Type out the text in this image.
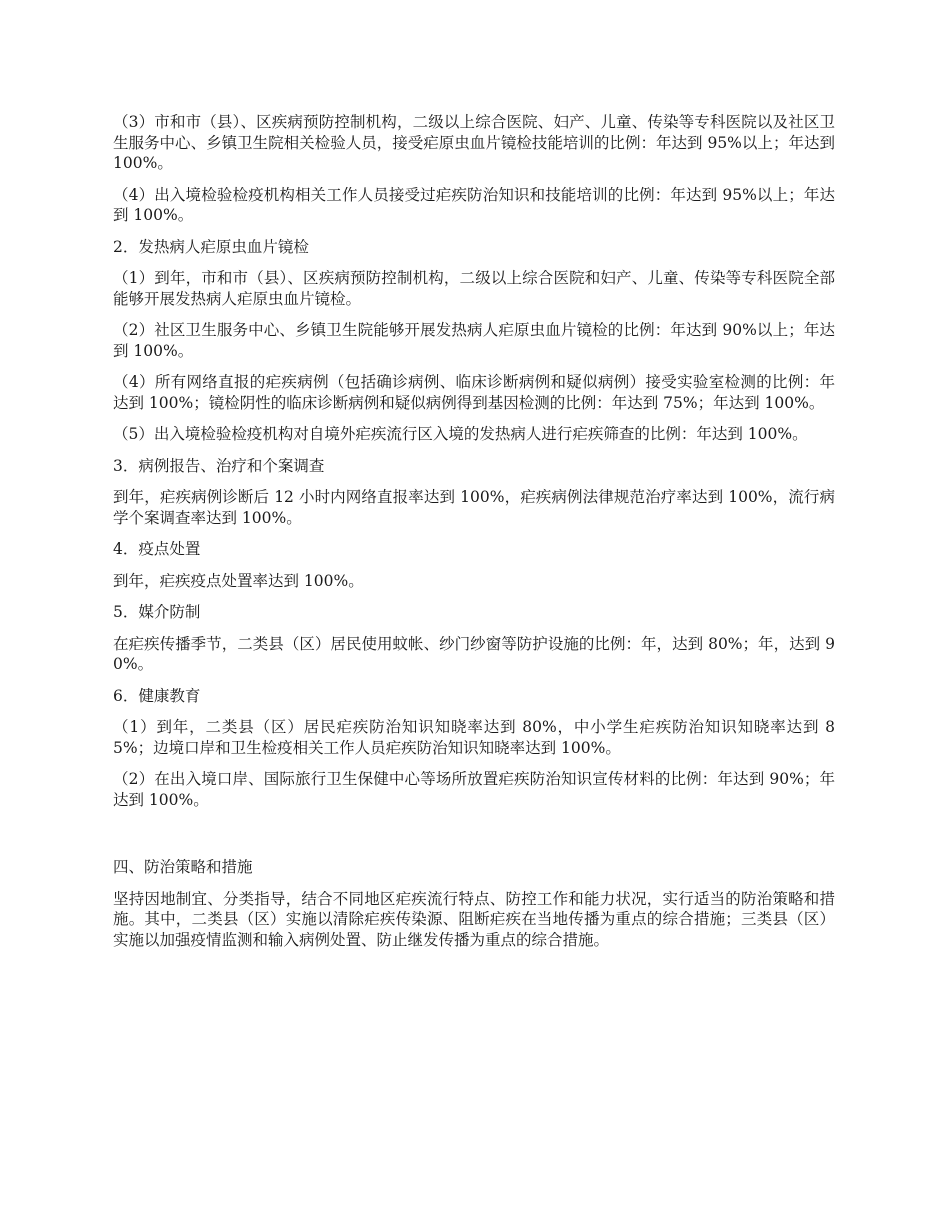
（3）市和市（县）、区疾病预防控制机构，二级以上综合医院、妇产、儿童、传染等专科医院以及社区卫生服务中心、乡镇卫生院相关检验人员，接受疟原虫血片镜检技能培训的比例：年达到 95%以上；年达到 100%。

（4）出入境检验检疫机构相关工作人员接受过疟疾防治知识和技能培训的比例：年达到 95%以上；年达到 100%。

2．发热病人疟原虫血片镜检

（1）到年，市和市（县）、区疾病预防控制机构，二级以上综合医院和妇产、儿童、传染等专科医院全部能够开展发热病人疟原虫血片镜检。

（2）社区卫生服务中心、乡镇卫生院能够开展发热病人疟原虫血片镜检的比例：年达到 90%以上；年达到 100%。

（4）所有网络直报的疟疾病例（包括确诊病例、临床诊断病例和疑似病例）接受实验室检测的比例：年达到 100%；镜检阴性的临床诊断病例和疑似病例得到基因检测的比例：年达到 75%；年达到 100%。

（5）出入境检验检疫机构对自境外疟疾流行区入境的发热病人进行疟疾筛查的比例：年达到 100%。

3．病例报告、治疗和个案调查

到年，疟疾病例诊断后 12 小时内网络直报率达到 100%，疟疾病例法律规范治疗率达到 100%，流行病学个案调查率达到 100%。

4．疫点处置

到年，疟疾疫点处置率达到 100%。

5．媒介防制

在疟疾传播季节，二类县（区）居民使用蚊帐、纱门纱窗等防护设施的比例：年，达到 80%；年，达到 90%。

6．健康教育

（1）到年，二类县（区）居民疟疾防治知识知晓率达到 80%，中小学生疟疾防治知识知晓率达到 85%；边境口岸和卫生检疫相关工作人员疟疾防治知识知晓率达到 100%。

（2）在出入境口岸、国际旅行卫生保健中心等场所放置疟疾防治知识宣传材料的比例：年达到 90%；年达到 100%。

四、防治策略和措施

坚持因地制宜、分类指导，结合不同地区疟疾流行特点、防控工作和能力状况，实行适当的防治策略和措施。其中，二类县（区）实施以清除疟疾传染源、阻断疟疾在当地传播为重点的综合措施；三类县（区）实施以加强疫情监测和输入病例处置、防止继发传播为重点的综合措施。
